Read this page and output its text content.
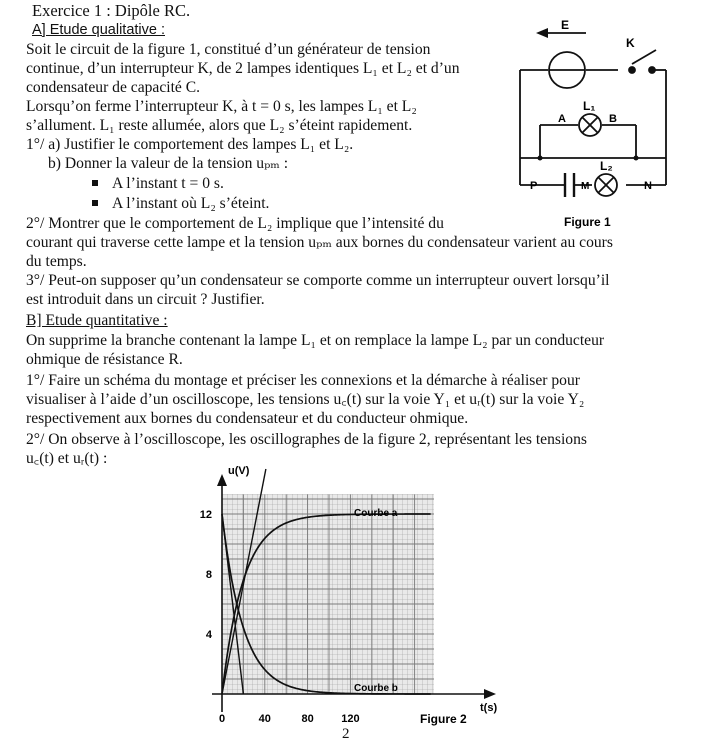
Exercice 1 : Dipôle RC.
A] Etude qualitative :
Soit le circuit de la figure 1, constitué d’un générateur de tension
continue, d’un interrupteur K, de 2 lampes identiques L₁ et L₂ et d’un
condensateur de capacité C.
Lorsqu’on ferme l’interrupteur K, à t = 0 s, les lampes L₁ et L₂
s’allument. L₁ reste allumée, alors que L₂ s’éteint rapidement.
1°/ a) Justifier le comportement des lampes L₁ et L₂.
b) Donner la valeur de la tension uₚₘ :
A l’instant t = 0 s.
A l’instant où L₂ s’éteint.
2°/ Montrer que le comportement de L₂ implique que l’intensité du
courant qui traverse cette lampe et la tension uₚₘ aux bornes du condensateur varient au cours
du temps.
3°/ Peut-on supposer qu’un condensateur se comporte comme un interrupteur ouvert lorsqu’il
est introduit dans un circuit ? Justifier.
B] Etude quantitative :
On supprime la branche contenant la lampe L₁ et on remplace la lampe L₂ par un conducteur
ohmique de résistance R.
1°/ Faire un schéma du montage et préciser les connexions et la démarche à réaliser pour
visualiser à l’aide d’un oscilloscope, les tensions u꜀(t) sur la voie Y₁ et uᵣ(t) sur la voie Y₂
respectivement aux bornes du condensateur et du conducteur ohmique.
2°/ On observe à l’oscilloscope, les oscillographes de la figure 2, représentant les tensions
u꜀(t) et uᵣ(t) :
E
K
A	B
L₁
P	M	N
L₂
Figure 1
u(V)
t(s)
0	40	80 120
4
8
12	Courbe a
Courbe b
Figure 2
2
